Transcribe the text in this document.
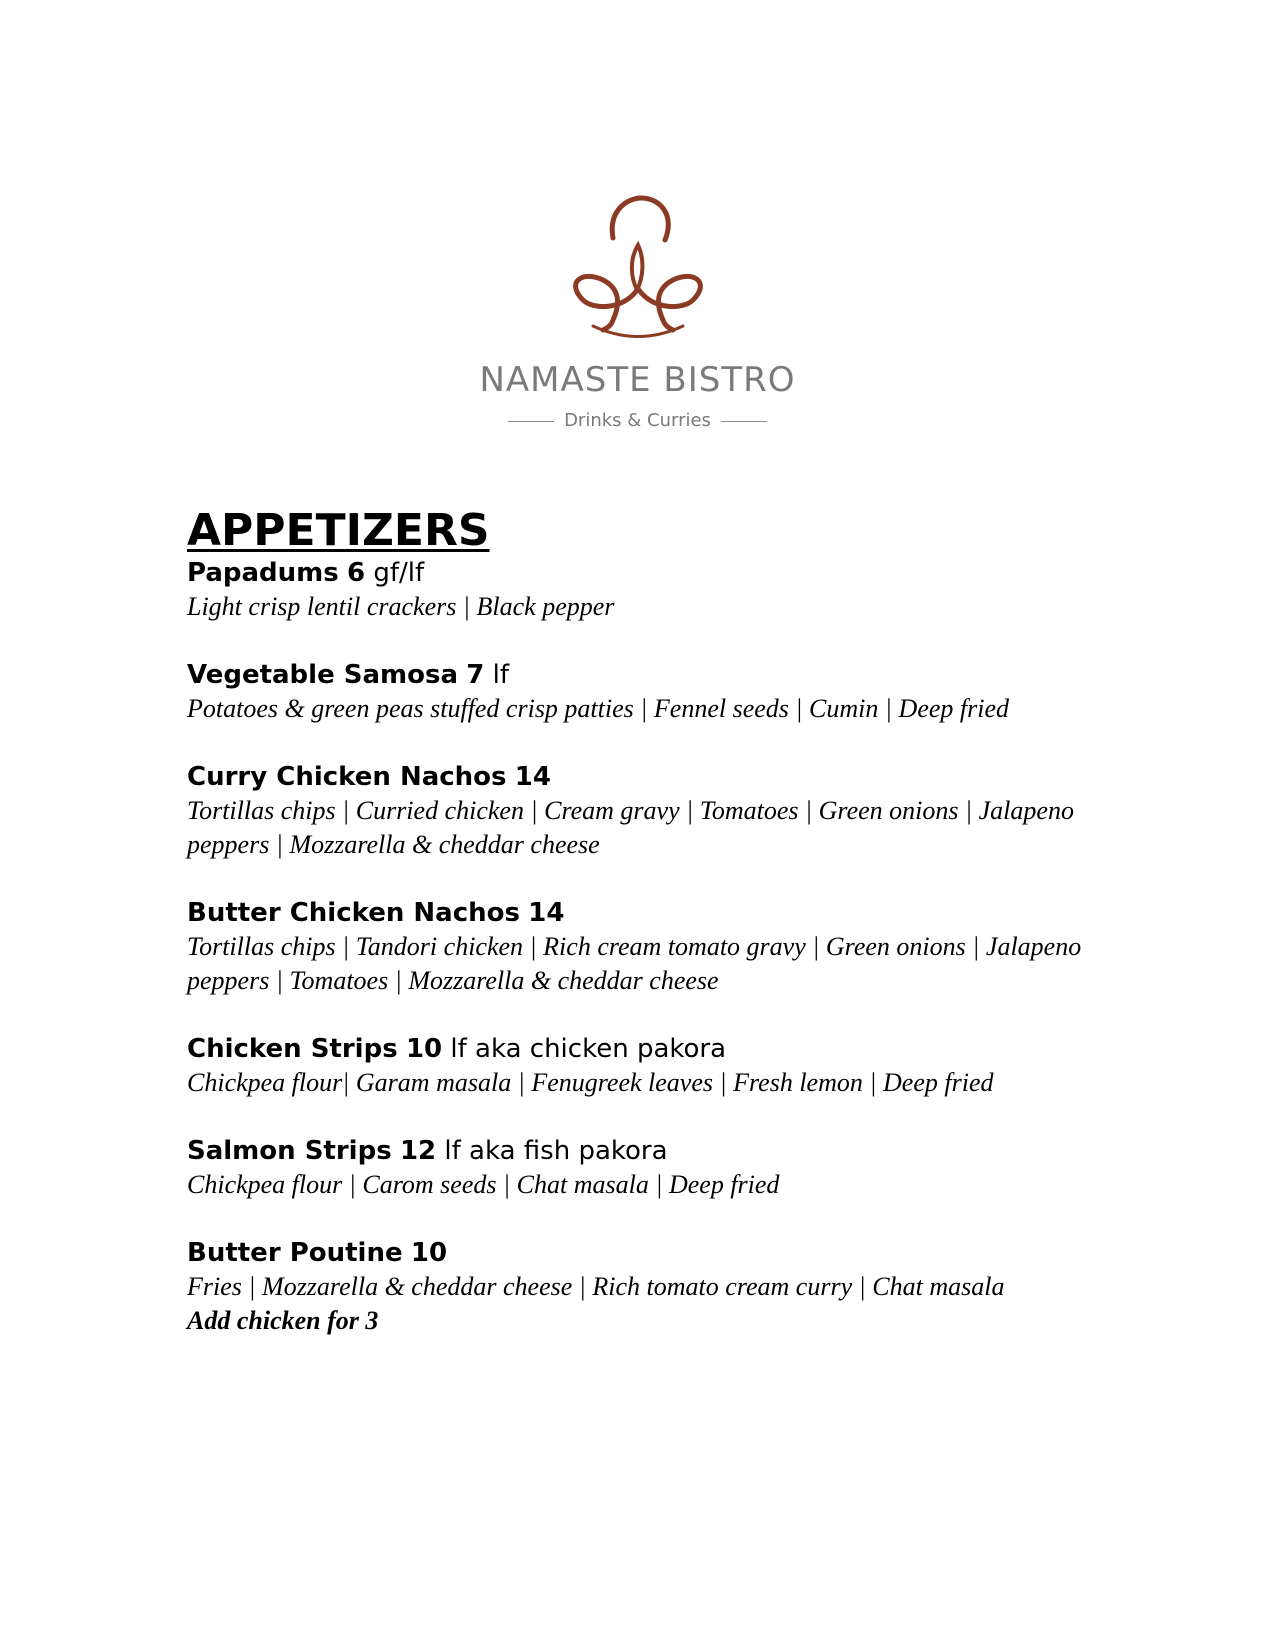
NAMASTE BISTRO
Drinks & Curries
APPETIZERS
Papadums 6 gf/lf
Light crisp lentil crackers | Black pepper
Vegetable Samosa 7 lf
Potatoes & green peas stuffed crisp patties | Fennel seeds | Cumin | Deep fried
Curry Chicken Nachos 14
Tortillas chips | Curried chicken | Cream gravy | Tomatoes | Green onions | Jalapeno peppers | Mozzarella & cheddar cheese
Butter Chicken Nachos 14
Tortillas chips | Tandori chicken | Rich cream tomato gravy | Green onions | Jalapeno peppers | Tomatoes | Mozzarella & cheddar cheese
Chicken Strips 10 lf aka chicken pakora
Chickpea flour| Garam masala | Fenugreek leaves | Fresh lemon | Deep fried
Salmon Strips 12 lf aka fish pakora
Chickpea flour | Carom seeds | Chat masala | Deep fried
Butter Poutine 10
Fries | Mozzarella & cheddar cheese | Rich tomato cream curry | Chat masala
Add chicken for 3
